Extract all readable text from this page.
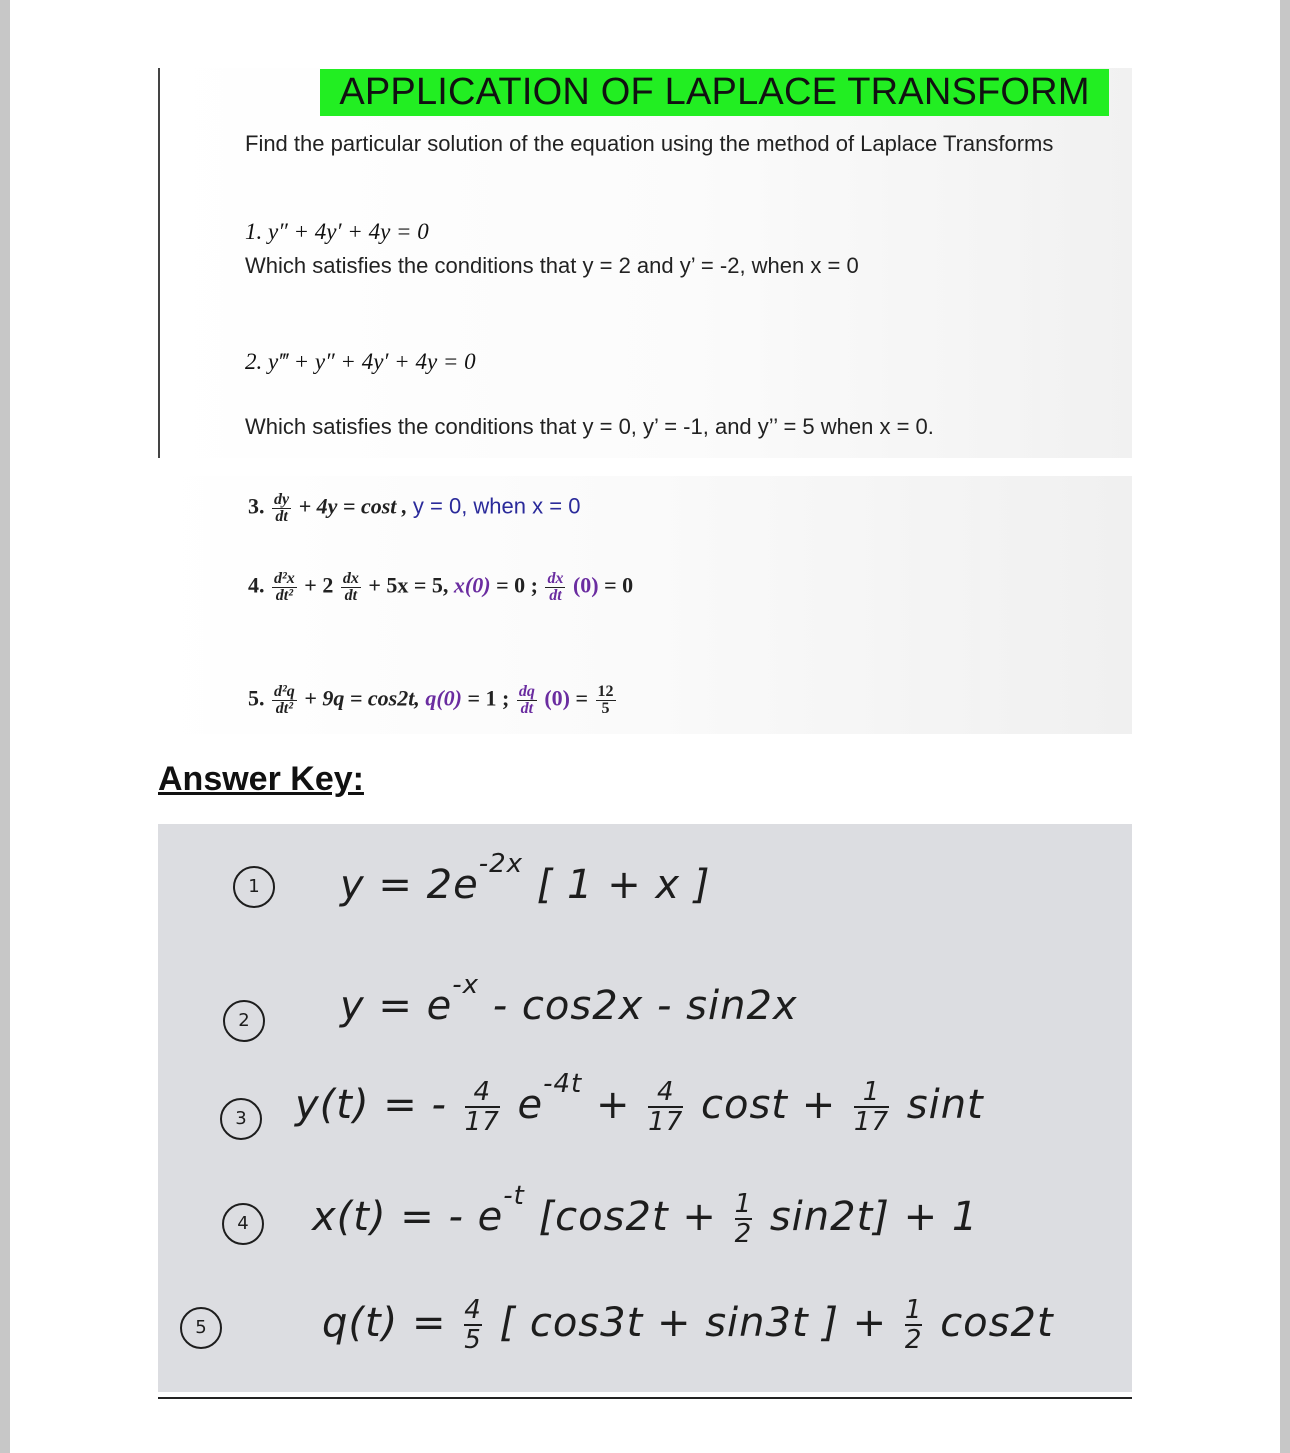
APPLICATION OF LAPLACE TRANSFORM
Find the particular solution of the equation using the method of Laplace Transforms
1. y″ + 4y′ + 4y = 0
Which satisfies the conditions that y = 2 and y’ = -2, when x = 0
2. y‴ + y″ + 4y′ + 4y = 0
Which satisfies the conditions that y = 0, y’ = -1, and y’’ = 5 when x = 0.
3. $\frac{dy}{dt} + 4y = \cos t$ , y = 0, when x = 0
4. $\frac{\text{d²x}}{\text{dt²}} + 2 \frac{dx}{dt} + 5x = 5$, x(0) = 0 ; $\frac{dx}{dt} (0) = 0$
5. $\frac{\text{d²q}}{\text{dt²}} + 9q = \cos 2t$, q(0) = 1 ; $\frac{dq}{dt} (0) = \frac{12}{5}$
Answer Key:
1	$y = 2e^{-2x}$ [ 1 + x ]
2	$y = e^{-x} - \cos 2x - \sin 2x$
3	y(t) = - $\frac{4}{17} e^{-4t} + \frac{4}{17}$ $\cos t + \frac{1}{17}$ sint
4	x(t) = - $e^{-t}$ $[\cos 2t + \frac{1}{2} \sin 2t] + 1$
5	$q(t) = \frac{4}{5}$ [ cos3t + sin3t ] + $\frac{1}{2} \cos 2t$
